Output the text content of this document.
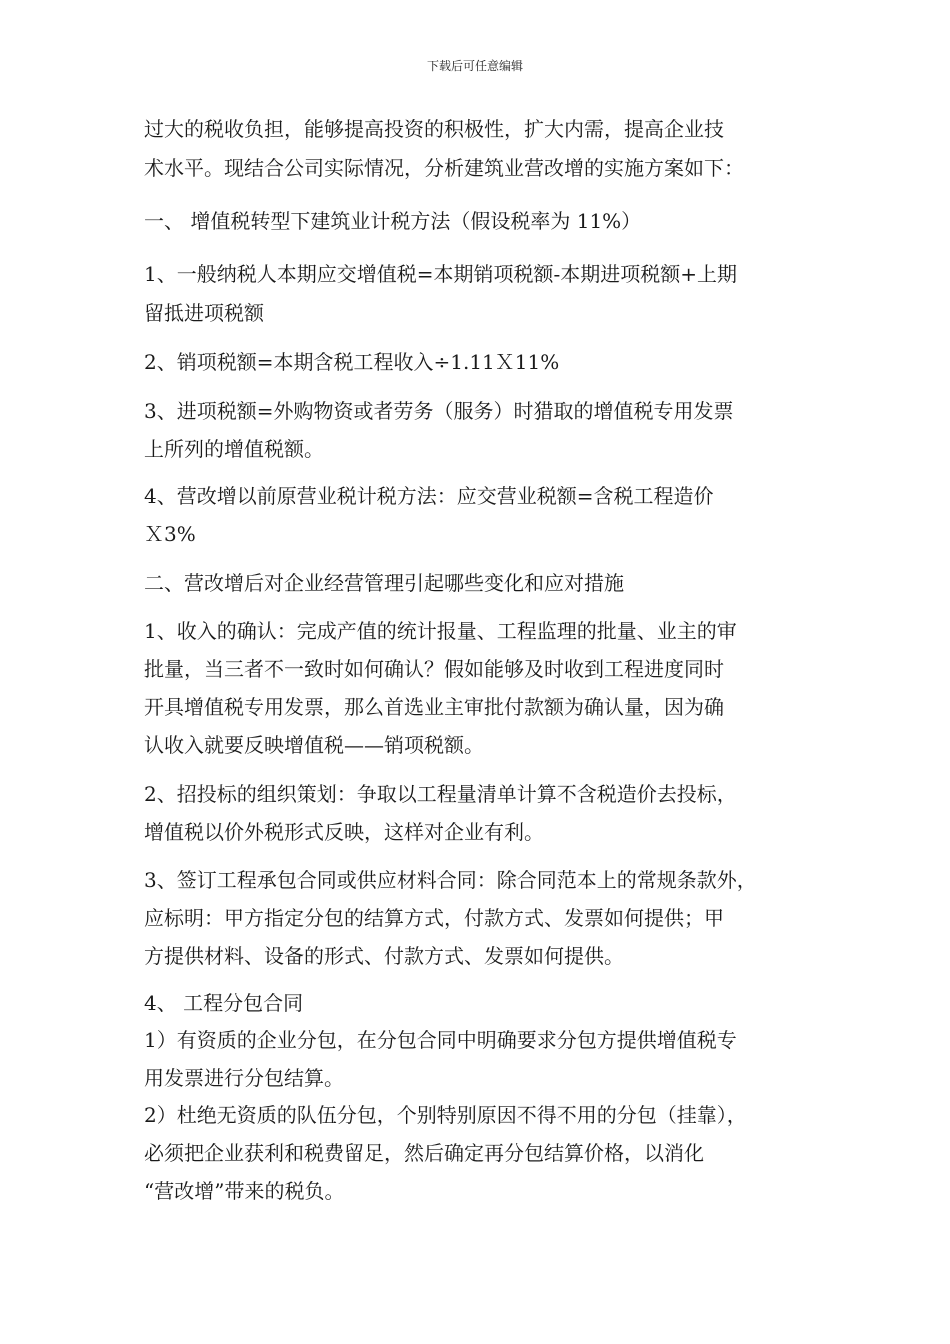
下载后可任意编辑
过大的税收负担，能够提高投资的积极性，扩大内需，提高企业技
术水平。现结合公司实际情况，分析建筑业营改增的实施方案如下：
一、 增值税转型下建筑业计税方法（假设税率为 11%）
1、一般纳税人本期应交增值税=本期销项税额-本期进项税额+上期
留抵进项税额
2、销项税额=本期含税工程收入÷1.11Ｘ11%
3、进项税额=外购物资或者劳务（服务）时猎取的增值税专用发票
上所列的增值税额。
4、营改增以前原营业税计税方法：应交营业税额=含税工程造价
Ｘ3%
二、营改增后对企业经营管理引起哪些变化和应对措施
1、收入的确认：完成产值的统计报量、工程监理的批量、业主的审
批量，当三者不一致时如何确认？假如能够及时收到工程进度同时
开具增值税专用发票，那么首选业主审批付款额为确认量，因为确
认收入就要反映增值税——销项税额。
2、招投标的组织策划：争取以工程量清单计算不含税造价去投标，
增值税以价外税形式反映，这样对企业有利。
3、签订工程承包合同或供应材料合同：除合同范本上的常规条款外，
应标明：甲方指定分包的结算方式，付款方式、发票如何提供；甲
方提供材料、设备的形式、付款方式、发票如何提供。
4、 工程分包合同
1）有资质的企业分包，在分包合同中明确要求分包方提供增值税专
用发票进行分包结算。
2）杜绝无资质的队伍分包，个别特别原因不得不用的分包（挂靠），
必须把企业获利和税费留足，然后确定再分包结算价格，以消化
“营改增”带来的税负。
